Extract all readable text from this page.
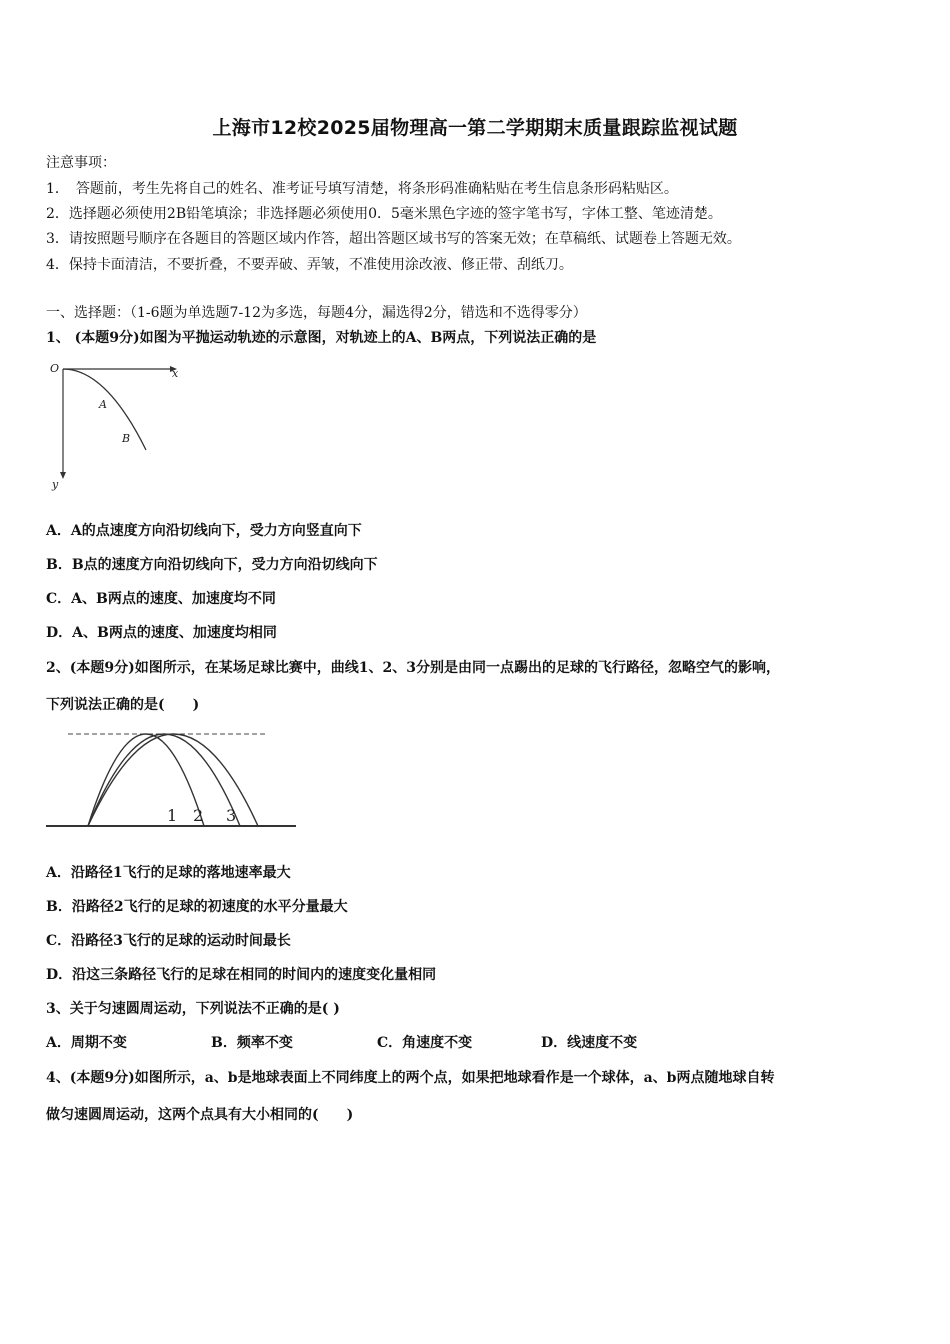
上海市12校2025届物理高一第二学期期末质量跟踪监视试题
注意事项：
1．　答题前，考生先将自己的姓名、准考证号填写清楚，将条形码准确粘贴在考生信息条形码粘贴区。
2．选择题必须使用2B铅笔填涂；非选择题必须使用0．5毫米黑色字迹的签字笔书写，字体工整、笔迹清楚。
3．请按照题号顺序在各题目的答题区域内作答，超出答题区域书写的答案无效；在草稿纸、试题卷上答题无效。
4．保持卡面清洁，不要折叠，不要弄破、弄皱，不准使用涂改液、修正带、刮纸刀。
一、选择题：（1-6题为单选题7-12为多选，每题4分，漏选得2分，错选和不选得零分）
1、 (本题9分)如图为平抛运动轨迹的示意图，对轨迹上的A、B两点，下列说法正确的是
O	x
y
A
B
A．A的点速度方向沿切线向下，受力方向竖直向下
B．B点的速度方向沿切线向下，受力方向沿切线向下
C．A、B两点的速度、加速度均不同
D．A、B两点的速度、加速度均相同
2、(本题9分)如图所示，在某场足球比赛中，曲线1、2、3分别是由同一点踢出的足球的飞行路径，忽略空气的影响，
下列说法正确的是(　　)
1 2 3
A．沿路径1飞行的足球的落地速率最大
B．沿路径2飞行的足球的初速度的水平分量最大
C．沿路径3飞行的足球的运动时间最长
D．沿这三条路径飞行的足球在相同的时间内的速度变化量相同
3、关于匀速圆周运动，下列说法不正确的是( )
A．周期不变	B．频率不变	C．角速度不变	D．线速度不变
4、(本题9分)如图所示，a、b是地球表面上不同纬度上的两个点，如果把地球看作是一个球体，a、b两点随地球自转
做匀速圆周运动，这两个点具有大小相同的(　　)
